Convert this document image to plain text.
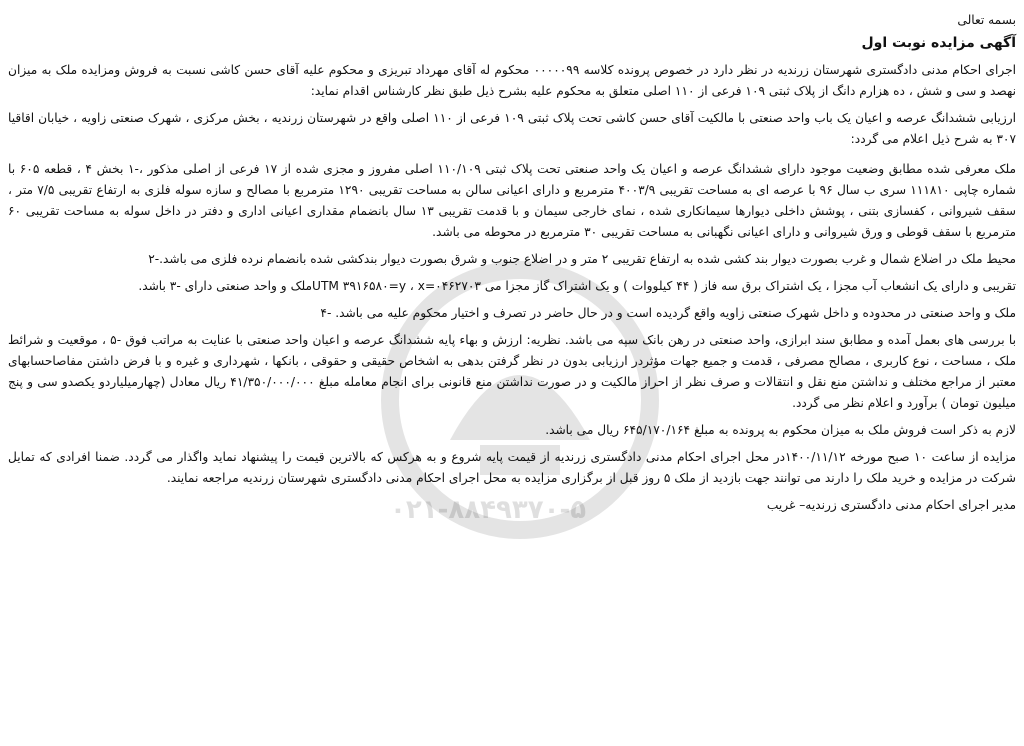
۰۲۱-۸۸۴۹۳۷۰-۵
بسمه تعالی
آگهی مزایده نوبت اول

اجرای احکام مدنی دادگستری شهرستان زرندیه در نظر دارد در خصوص پرونده کلاسه ۰۰۰۰۰۹۹ محکوم له آقای مهرداد تبریزی و محکوم علیه آقای حسن کاشی نسبت به فروش ومزایده ملک به میزان نهصد و سی و شش ، ده هزارم دانگ از پلاک ثبتی ۱۰۹ فرعی از ۱۱۰ اصلی متعلق به محکوم علیه بشرح ذیل طبق نظر کارشناس اقدام نماید:

ارزیابی ششدانگ عرصه و اعیان یک باب واحد صنعتی با مالکیت آقای حسن کاشی تحت پلاک ثبتی ۱۰۹ فرعی از ۱۱۰ اصلی واقع در شهرستان زرندیه ، بخش مرکزی ، شهرک صنعتی زاویه ، خیابان اقاقیا ۳۰۷ به شرح ذیل اعلام می گردد:

ملک معرفی شده مطابق وضعیت موجود دارای ششدانگ عرصه و اعیان یک واحد صنعتی تحت پلاک ثبتی ۱۱۰/۱۰۹ اصلی مفروز و مجزی شده از ۱۷ فرعی از اصلی مذکور ،-۱ بخش ۴ ، قطعه ۶۰۵ با شماره چاپی ۱۱۱۸۱۰ سری ب سال ۹۶ با عرصه ای به مساحت تقریبی ۴۰۰۳/۹ مترمربع و دارای اعیانی سالن به مساحت تقریبی ۱۲۹۰ مترمربع با مصالح و سازه سوله فلزی به ارتفاع تقریبی ۷/۵ متر ، سقف شیروانی ، کفسازی بتنی ، پوشش داخلی دیوارها سیمانکاری شده ، نمای خارجی سیمان و با قدمت تقریبی ۱۳ سال بانضمام مقداری اعیانی اداری و دفتر در داخل سوله به مساحت تقریبی ۶۰ مترمربع با سقف قوطی و ورق شیروانی و دارای اعیانی نگهبانی به مساحت تقریبی ۳۰ مترمربع در محوطه می باشد.

محیط ملک در اضلاع شمال و غرب بصورت دیوار بند کشی شده به ارتفاع تقریبی ۲ متر و در اضلاع جنوب و شرق بصورت دیوار بندکشی شده بانضمام نرده فلزی می باشد.-۲

تقریبی و دارای یک انشعاب آب مجزا ، یک اشتراک برق سه فاز ( ۴۴ کیلووات ) و یک اشتراک گاز مجزا می UTM ۳۹۱۶۵۸۰=y ، x=۰۴۶۲۷۰۳ملک و واحد صنعتی دارای -۳ باشد.

ملک و واحد صنعتی در محدوده و داخل شهرک صنعتی زاویه واقع گردیده است و در حال حاضر در تصرف و اختیار محکوم علیه می باشد. -۴

با بررسی های بعمل آمده و مطابق سند ابرازی، واحد صنعتی در رهن بانک سپه می باشد. نظریه: ارزش و بهاء پایه ششدانگ عرصه و اعیان واحد صنعتی با عنایت به مراتب فوق -۵ ، موقعیت و شرائط ملک ، مساحت ، نوع کاربری ، مصالح مصرفی ، قدمت و جمیع جهات مؤثردر ارزیابی بدون در نظر گرفتن بدهی به اشخاص حقیقی و حقوقی ، بانکها ، شهرداری و غیره و با فرض داشتن مفاصاحسابهای معتبر از مراجع مختلف و نداشتن منع نقل و انتقالات و صرف نظر از احراز مالکیت و در صورت نداشتن منع قانونی برای انجام معامله مبلغ ۴۱/۳۵۰/۰۰۰/۰۰۰ ریال معادل (چهارمیلیاردو یکصدو سی و پنج میلیون تومان ) برآورد و اعلام نظر می گردد.

لازم به ذکر است فروش ملک به میزان محکوم به پرونده به مبلغ ۶۴۵/۱۷۰/۱۶۴ ریال می باشد.

مزایده از ساعت ۱۰ صبح مورخه ۱۴۰۰/۱۱/۱۲در محل اجرای احکام مدنی دادگستری زرندیه از قیمت پایه شروع و به هرکس که بالاترین قیمت را پیشنهاد نماید واگذار می گردد. ضمنا افرادی که تمایل شرکت در مزایده و خرید ملک را دارند می توانند جهت بازدید از ملک ۵ روز قبل از برگزاری مزایده به محل اجرای احکام مدنی دادگستری شهرستان زرندیه مراجعه نمایند.

مدیر اجرای احکام مدنی دادگستری زرندیه– غریب
